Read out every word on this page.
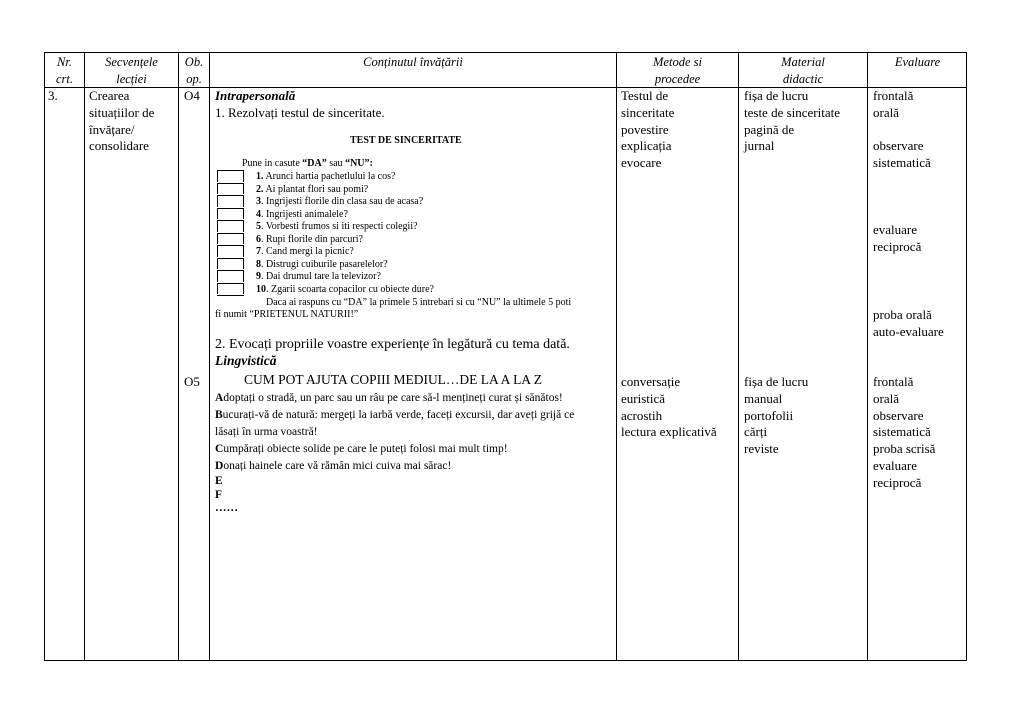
Nr.
crt.
Secvențele
lecției
Ob.
op.
Conținutul învățării	Metode si
procedee
Material
didactic
Evaluare
3. Crearea
situațiilor de
învățare/
consolidare
O4
O5
Intrapersonală
1. Rezolvați testul de sinceritate.
TEST DE SINCERITATE
Pune in casute “DA” sau “NU”:
1. Arunci hartia pachetlului la cos?
2. Ai plantat flori sau pomi?
3. Ingrijesti florile din clasa sau de acasa?
4. Ingrijesti animalele?
5. Vorbesti frumos si iti respecti colegii?
6. Rupi florile din parcuri?
7. Cand mergi la picnic?
8. Distrugi cuiburile pasarelelor?
9. Dai drumul tare la televizor?
10. Zgarii scoarta copacilor cu obiecte dure?
Daca ai raspuns cu “DA” la primele 5 intrebari si cu “NU” la ultimele 5 poti
fi numit “PRIETENUL NATURII!”
2. Evocați propriile voastre experiențe în legătură cu tema dată.
Lingvistică
CUM POT AJUTA COPIII MEDIUL…DE LA A LA Z
Adoptați o stradă, un parc sau un râu pe care să-l mențineți curat și sănătos!
Bucurați-vă de natură: mergeți la iarbă verde, faceți excursii, dar aveți grijă ce
lăsați în urma voastră!
Cumpărați obiecte solide pe care le puteți folosi mai mult timp!
Donați hainele care vă rămân mici cuiva mai sărac!
E
F
……
Testul de
sinceritate
povestire
explicația
evocare
conversație
euristică
acrostih
lectura explicativă
fișa de lucru
teste de sinceritate
pagină de
jurnal
fișa de lucru
manual
portofolii
cărți
reviste
frontală
orală
observare
sistematică
evaluare
reciprocă
proba orală
auto-evaluare
frontală
orală
observare
sistematică
proba scrisă
evaluare
reciprocă
